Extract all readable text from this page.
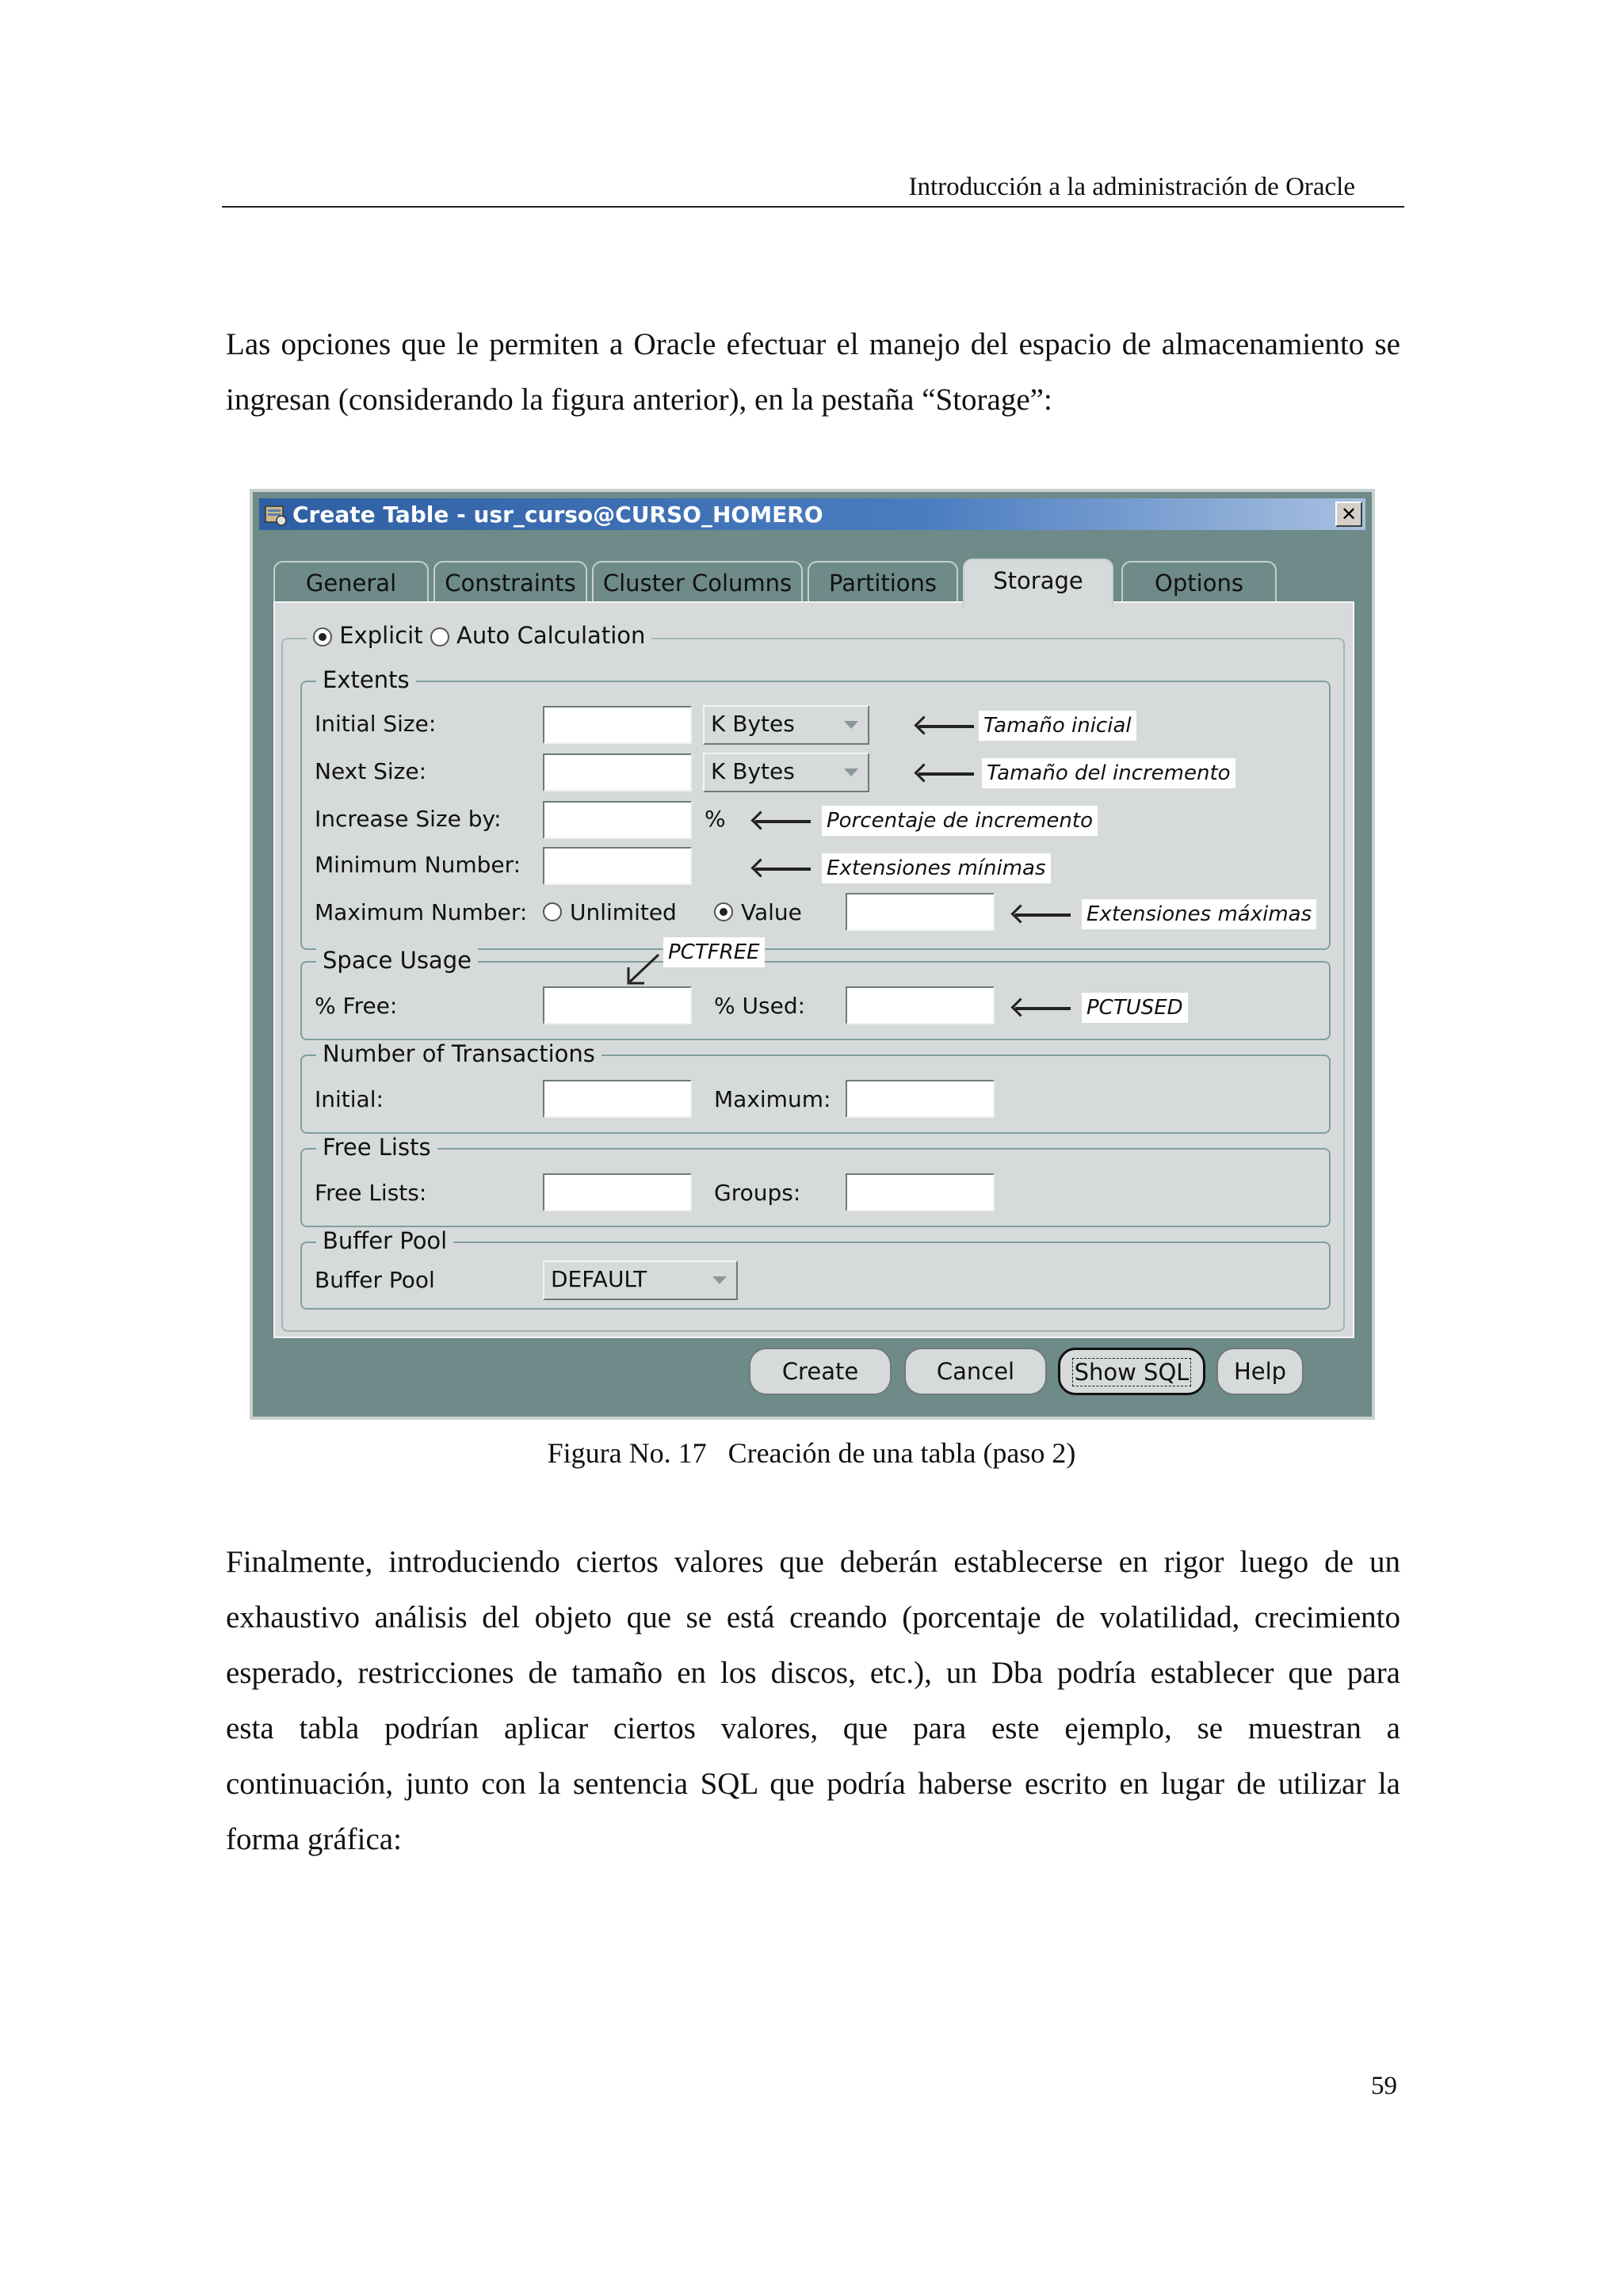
Introducción a la administración de Oracle

Las opciones que le permiten a Oracle efectuar el manejo del espacio de almacenamiento se
ingresan (considerando la figura anterior), en la pestaña “Storage”:

Create Table - usr_curso@CURSO_HOMERO	✕
General	Constraints	Cluster Columns	Partitions	Storage	Options
Explicit Auto Calculation
Extents
Initial Size:	K Bytes
Next Size:	K Bytes
Increase Size by:	%
Minimum Number:
Maximum Number: Unlimited	Value
Space Usage
% Free:	% Used:
Number of Transactions
Initial:	Maximum:
Free Lists
Free Lists:	Groups:
Buffer Pool
Buffer Pool	DEFAULT
Tamaño inicial
Tamaño del incremento
Porcentaje de incremento
Extensiones mínimas
Extensiones máximas
PCTUSED
PCTFREE
Create	Cancel	Show SQL	Help
Figura No. 17   Creación de una tabla (paso 2)

Finalmente, introduciendo ciertos valores que deberán establecerse en rigor luego de un
exhaustivo análisis del objeto que se está creando (porcentaje de volatilidad, crecimiento
esperado, restricciones de tamaño en los discos, etc.), un Dba podría establecer que para
esta tabla podrían aplicar ciertos valores, que para este ejemplo, se muestran a
continuación, junto con la sentencia SQL que podría haberse escrito en lugar de utilizar la
forma gráfica:

59
